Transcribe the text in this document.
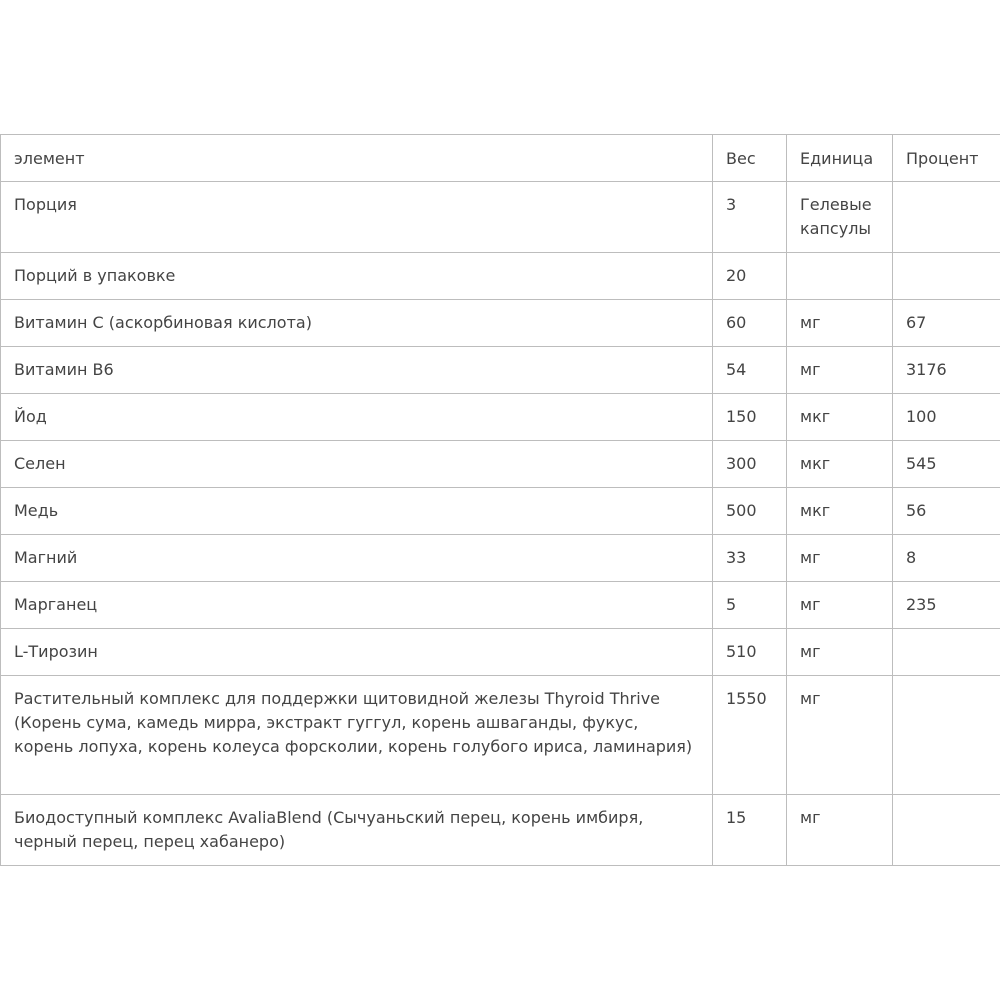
элемент	Вес	Единица	Процент
Порция	3	Гелевые капсулы	
Порций в упаковке	20		
Витамин С (аскорбиновая кислота)	60	мг	67
Витамин В6	54	мг	3176
Йод	150	мкг	100
Селен	300	мкг	545
Медь	500	мкг	56
Магний	33	мг	8
Марганец	5	мг	235
L-Тирозин	510	мг	
Растительный комплекс для поддержки щитовидной железы Thyroid Thrive (Корень сума, камедь мирра, экстракт гуггул, корень ашваганды, фукус, корень лопуха, корень колеуса форсколии, корень голубого ириса, ламинария)	1550	мг	
Биодоступный комплекс AvaliaBlend (Сычуаньский перец, корень имбиря, черный перец, перец хабанеро)	15	мг	
